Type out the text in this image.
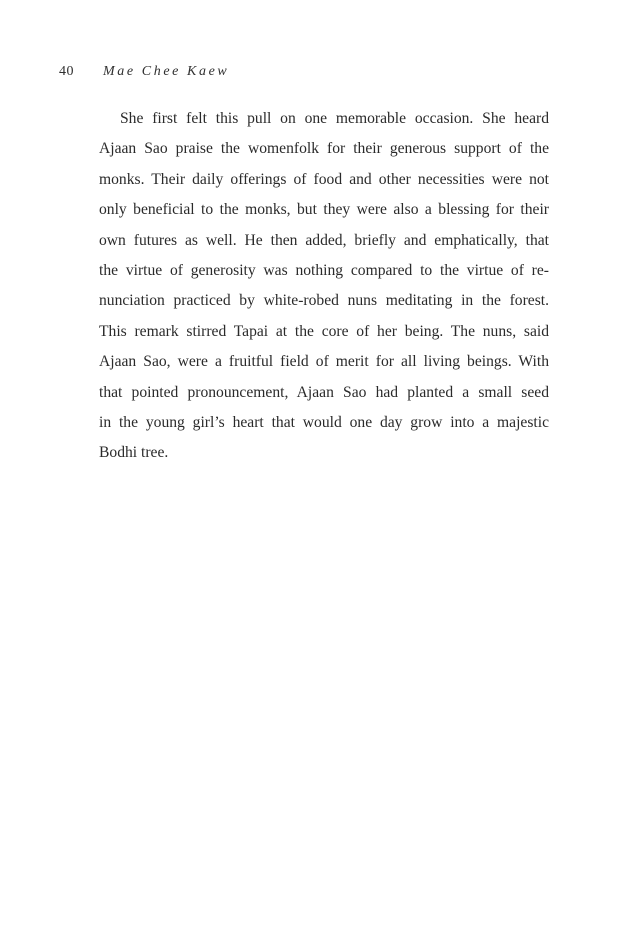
40	Mae Chee Kaew
She first felt this pull on one memorable occasion. She heard
Ajaan Sao praise the womenfolk for their generous support of the
monks. Their daily offerings of food and other necessities were not
only beneficial to the monks, but they were also a blessing for their
own futures as well. He then added, briefly and emphatically, that
the virtue of generosity was nothing compared to the virtue of re-
nunciation practiced by white-robed nuns meditating in the forest.
This remark stirred Tapai at the core of her being. The nuns, said
Ajaan Sao, were a fruitful field of merit for all living beings. With
that pointed pronouncement, Ajaan Sao had planted a small seed
in the young girl’s heart that would one day grow into a majestic
Bodhi tree.
